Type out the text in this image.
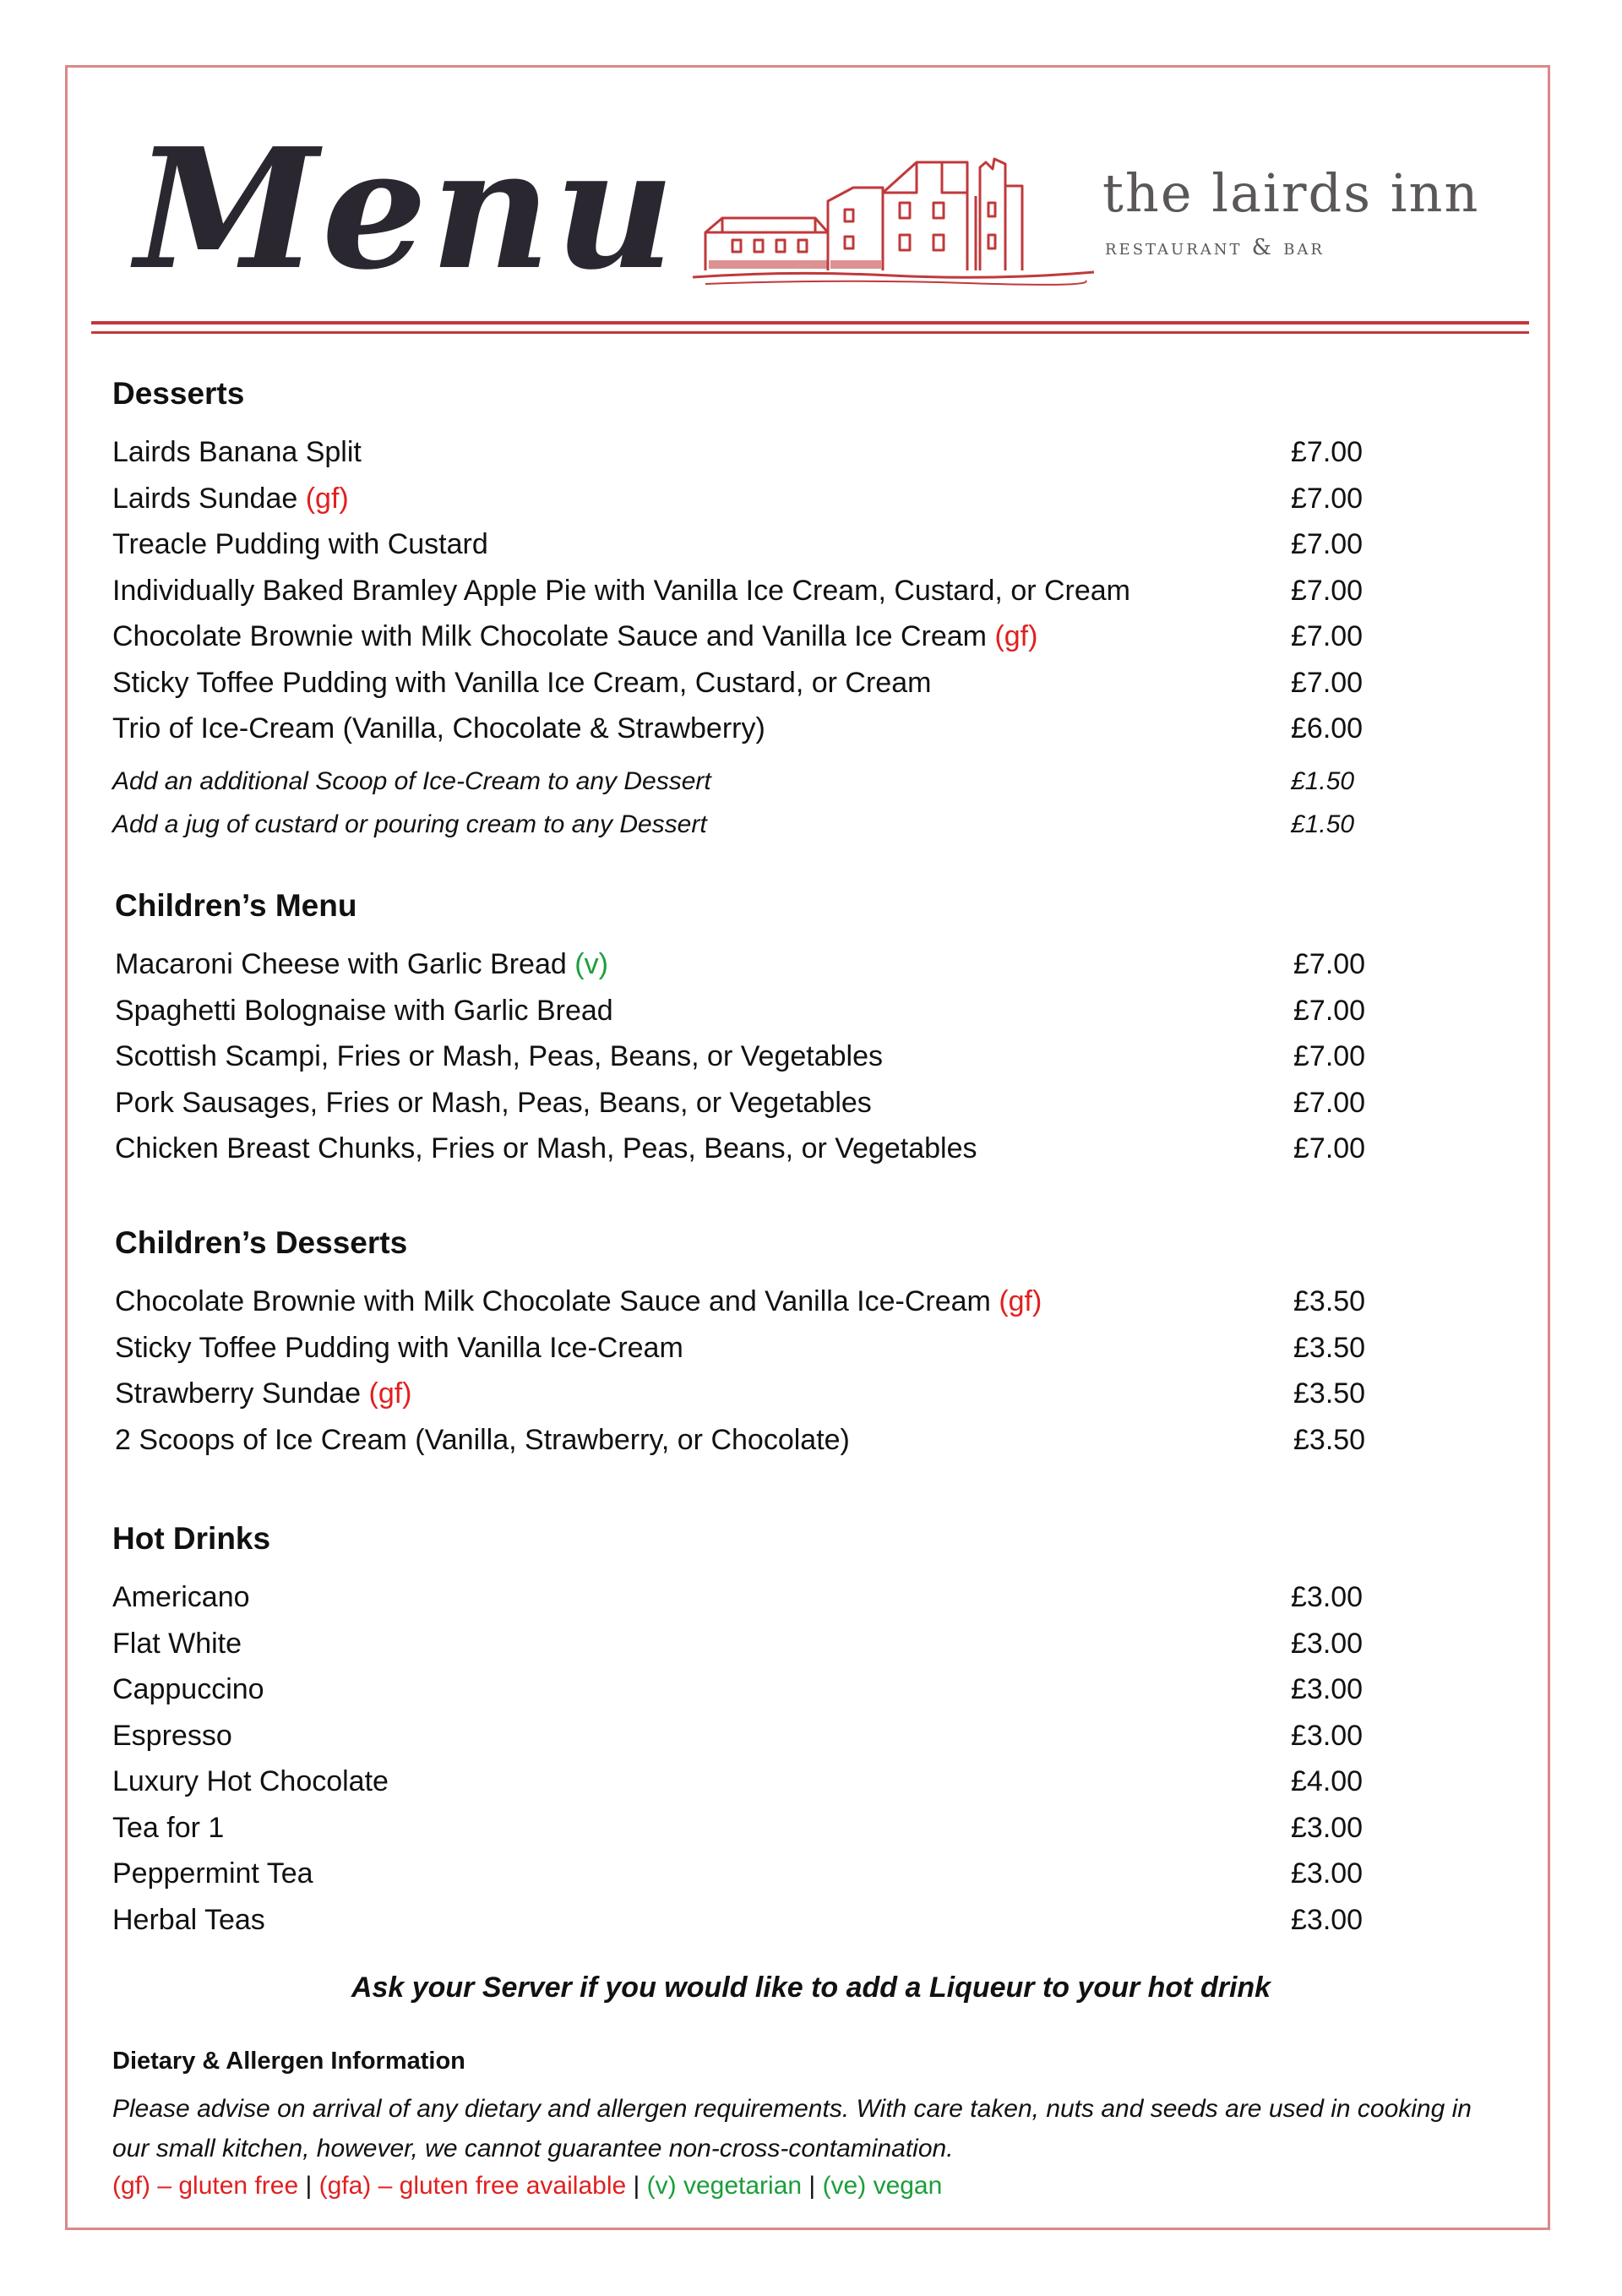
Menu	the lairds inn
restaurant & bar
Desserts
Lairds Banana Split	£7.00
Lairds Sundae (gf)	£7.00
Treacle Pudding with Custard	£7.00
Individually Baked Bramley Apple Pie with Vanilla Ice Cream, Custard, or Cream	£7.00
Chocolate Brownie with Milk Chocolate Sauce and Vanilla Ice Cream (gf)	£7.00
Sticky Toffee Pudding with Vanilla Ice Cream, Custard, or Cream	£7.00
Trio of Ice-Cream (Vanilla, Chocolate & Strawberry)	£6.00
Add an additional Scoop of Ice-Cream to any Dessert	£1.50
Add a jug of custard or pouring cream to any Dessert	£1.50
Children’s Menu
Macaroni Cheese with Garlic Bread (v)	£7.00
Spaghetti Bolognaise with Garlic Bread	£7.00
Scottish Scampi, Fries or Mash, Peas, Beans, or Vegetables	£7.00
Pork Sausages, Fries or Mash, Peas, Beans, or Vegetables	£7.00
Chicken Breast Chunks, Fries or Mash, Peas, Beans, or Vegetables	£7.00
Children’s Desserts
Chocolate Brownie with Milk Chocolate Sauce and Vanilla Ice-Cream (gf)	£3.50
Sticky Toffee Pudding with Vanilla Ice-Cream	£3.50
Strawberry Sundae (gf)	£3.50
2 Scoops of Ice Cream (Vanilla, Strawberry, or Chocolate)	£3.50
Hot Drinks
Americano	£3.00
Flat White	£3.00
Cappuccino	£3.00
Espresso	£3.00
Luxury Hot Chocolate	£4.00
Tea for 1	£3.00
Peppermint Tea	£3.00
Herbal Teas	£3.00
Ask your Server if you would like to add a Liqueur to your hot drink
Dietary & Allergen Information
Please advise on arrival of any dietary and allergen requirements. With care taken, nuts and seeds are used in cooking in our small kitchen, however, we cannot guarantee non-cross-contamination.
(gf) – gluten free | (gfa) – gluten free available | (v) vegetarian | (ve) vegan
